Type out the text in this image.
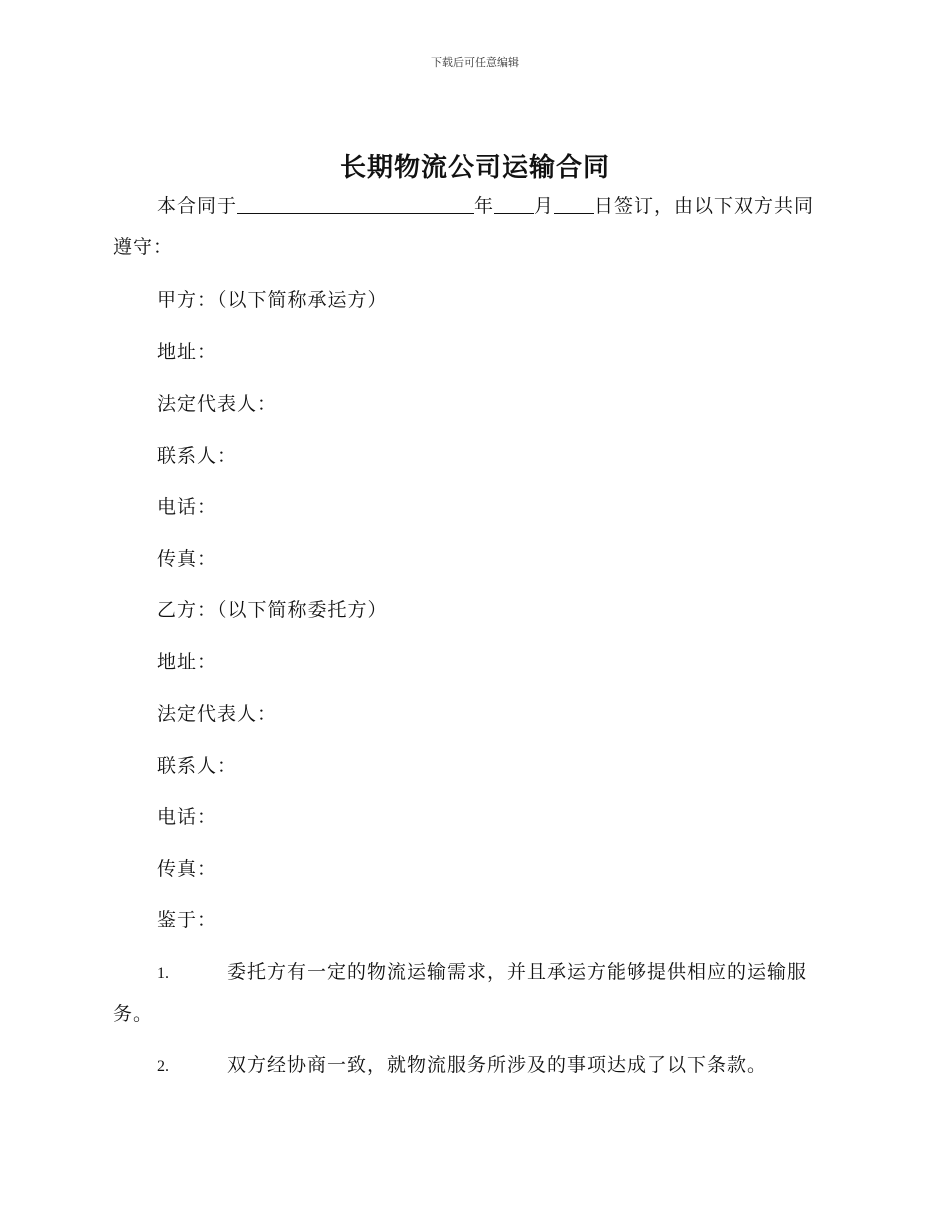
下载后可任意编辑
长期物流公司运输合同
本合同于	年 月 日签订，由以下双方共同遵守：
甲方：（以下简称承运方）
地址：
法定代表人：
联系人：
电话：
传真：
乙方：（以下简称委托方）
地址：
法定代表人：
联系人：
电话：
传真：
鉴于：
1.	委托方有一定的物流运输需求，并且承运方能够提供相应的运输服务。
2.	双方经协商一致，就物流服务所涉及的事项达成了以下条款。
